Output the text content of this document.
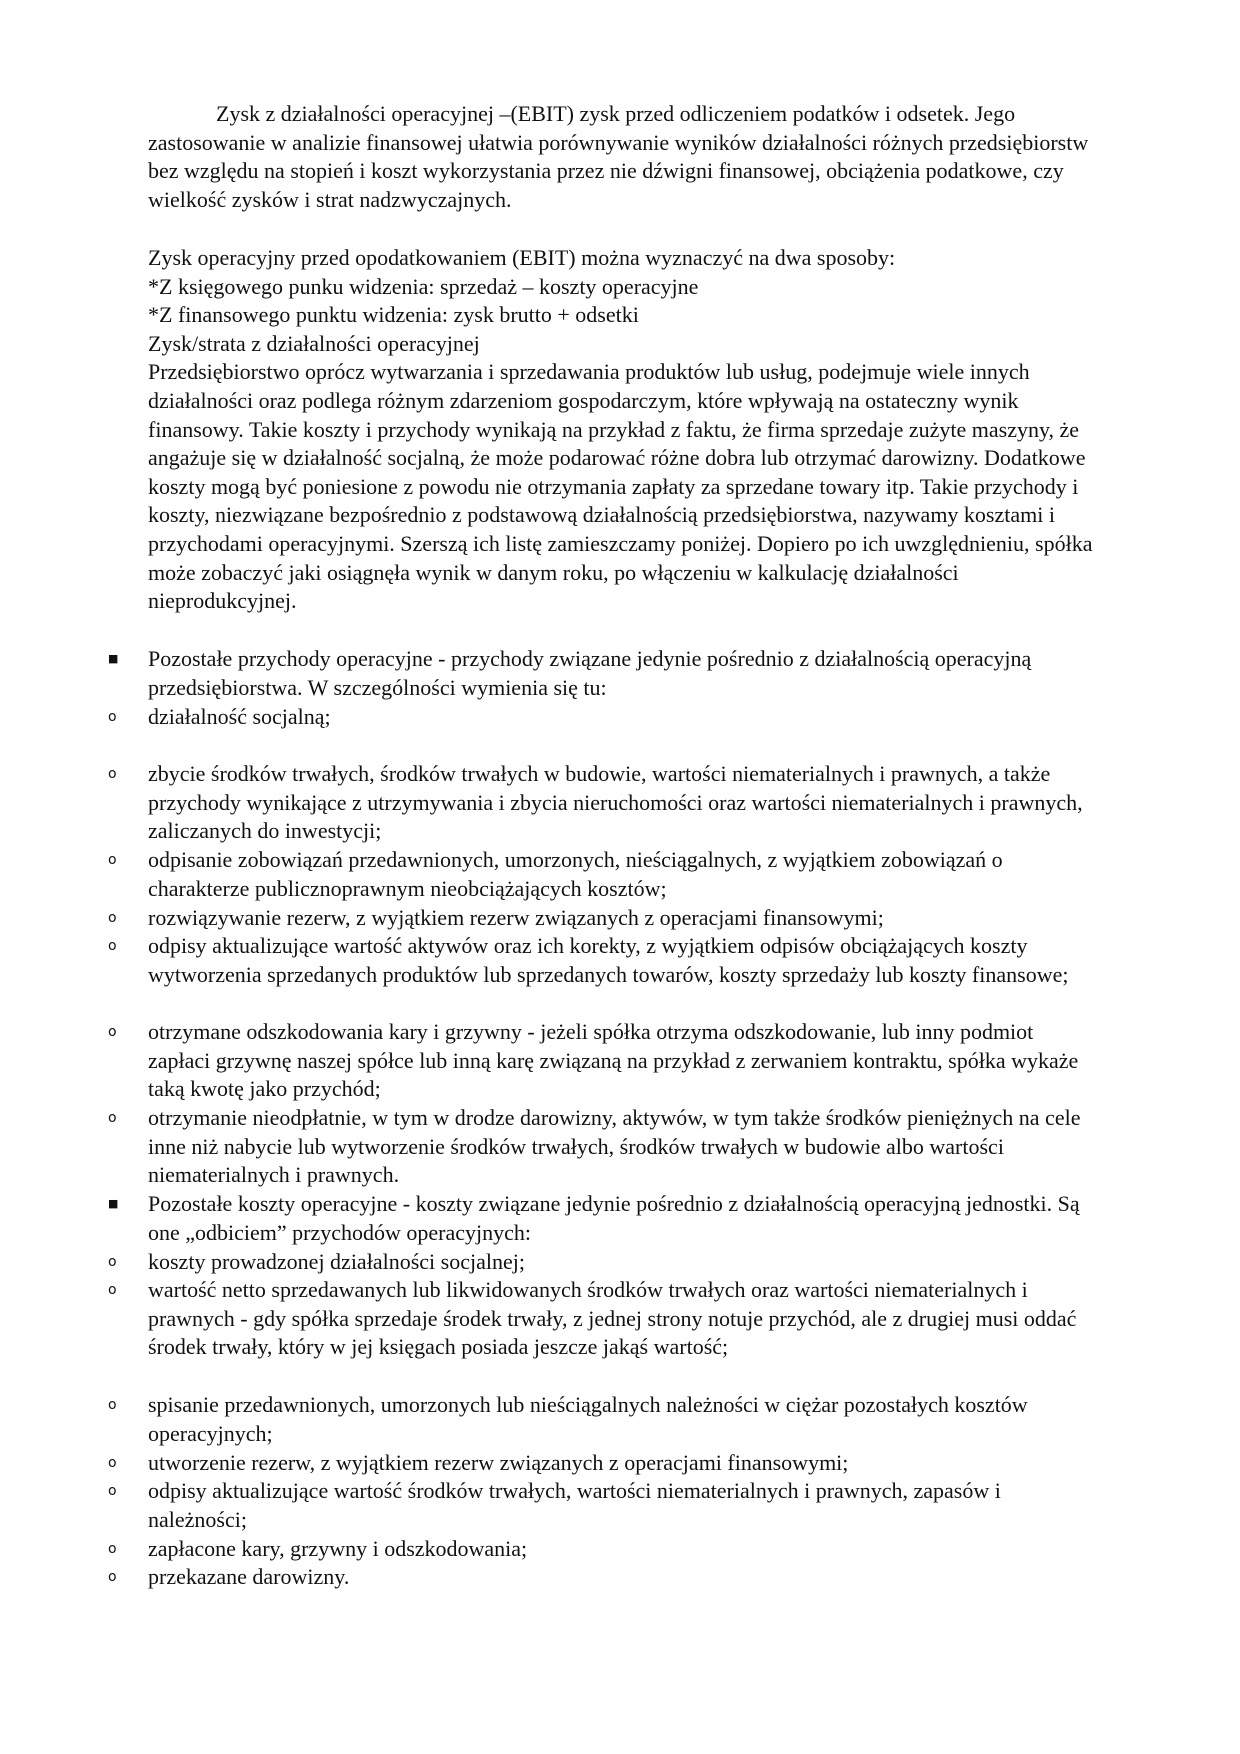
Zysk z działalności operacyjnej –(EBIT) zysk przed odliczeniem podatków i odsetek. Jego zastosowanie w analizie finansowej ułatwia porównywanie wyników działalności różnych przedsiębiorstw bez względu na stopień i koszt wykorzystania przez nie dźwigni finansowej, obciążenia podatkowe, czy wielkość zysków i strat nadzwyczajnych.

Zysk operacyjny przed opodatkowaniem (EBIT) można wyznaczyć na dwa sposoby:

*Z księgowego punku widzenia: sprzedaż – koszty operacyjne

*Z finansowego punktu widzenia: zysk brutto + odsetki

Zysk/strata z działalności operacyjnej

Przedsiębiorstwo oprócz wytwarzania i sprzedawania produktów lub usług, podejmuje wiele innych działalności oraz podlega różnym zdarzeniom gospodarczym, które wpływają na ostateczny wynik finansowy. Takie koszty i przychody wynikają na przykład z faktu, że firma sprzedaje zużyte maszyny, że angażuje się w działalność socjalną, że może podarować różne dobra lub otrzymać darowizny. Dodatkowe koszty mogą być poniesione z powodu nie otrzymania zapłaty za sprzedane towary itp. Takie przychody i koszty, niezwiązane bezpośrednio z podstawową działalnością przedsiębiorstwa, nazywamy kosztami i przychodami operacyjnymi. Szerszą ich listę zamieszczamy poniżej. Dopiero po ich uwzględnieniu, spółka może zobaczyć jaki osiągnęła wynik w danym roku, po włączeniu w kalkulację działalności nieprodukcyjnej.

■ Pozostałe przychody operacyjne - przychody związane jedynie pośrednio z działalnością operacyjną przedsiębiorstwa. W szczególności wymienia się tu:
o działalność socjalną;
o zbycie środków trwałych, środków trwałych w budowie, wartości niematerialnych i prawnych, a także przychody wynikające z utrzymywania i zbycia nieruchomości oraz wartości niematerialnych i prawnych, zaliczanych do inwestycji;
o odpisanie zobowiązań przedawnionych, umorzonych, nieściągalnych, z wyjątkiem zobowiązań o charakterze publicznoprawnym nieobciążających kosztów;
o rozwiązywanie rezerw, z wyjątkiem rezerw związanych z operacjami finansowymi;
o odpisy aktualizujące wartość aktywów oraz ich korekty, z wyjątkiem odpisów obciążających koszty wytworzenia sprzedanych produktów lub sprzedanych towarów, koszty sprzedaży lub koszty finansowe;
o otrzymane odszkodowania kary i grzywny - jeżeli spółka otrzyma odszkodowanie, lub inny podmiot zapłaci grzywnę naszej spółce lub inną karę związaną na przykład z zerwaniem kontraktu, spółka wykaże taką kwotę jako przychód;
o otrzymanie nieodpłatnie, w tym w drodze darowizny, aktywów, w tym także środków pieniężnych na cele inne niż nabycie lub wytworzenie środków trwałych, środków trwałych w budowie albo wartości niematerialnych i prawnych.
■ Pozostałe koszty operacyjne - koszty związane jedynie pośrednio z działalnością operacyjną jednostki. Są one „odbiciem” przychodów operacyjnych:
o koszty prowadzonej działalności socjalnej;
o wartość netto sprzedawanych lub likwidowanych środków trwałych oraz wartości niematerialnych i prawnych - gdy spółka sprzedaje środek trwały, z jednej strony notuje przychód, ale z drugiej musi oddać środek trwały, który w jej księgach posiada jeszcze jakąś wartość;
o spisanie przedawnionych, umorzonych lub nieściągalnych należności w ciężar pozostałych kosztów operacyjnych;
o utworzenie rezerw, z wyjątkiem rezerw związanych z operacjami finansowymi;
o odpisy aktualizujące wartość środków trwałych, wartości niematerialnych i prawnych, zapasów i należności;
o zapłacone kary, grzywny i odszkodowania;
o przekazane darowizny.
